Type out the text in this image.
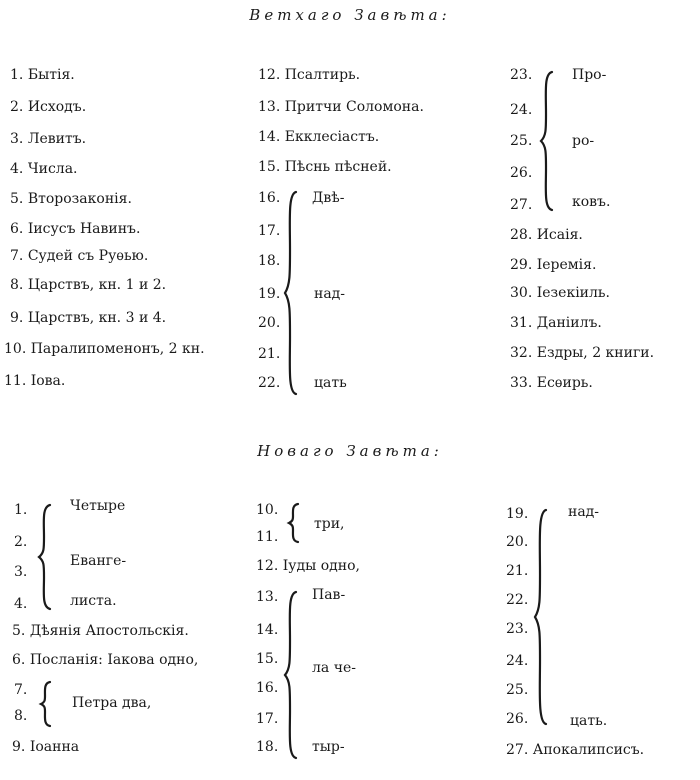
Ветхаго Завѣта:
1. Бытія.
2. Исходъ.
3. Левитъ.
4. Числа.
5. Второзаконія.
6. Іисусъ Навинъ.
7. Судей съ Руѳью.
8. Царствъ, кн. 1 и 2.
9. Царствъ, кн. 3 и 4.
10. Паралипоменонъ, 2 кн.
11. Іова.
12. Псалтирь.
13. Притчи Соломона.
14. Екклесіастъ.
15. Пѣснь пѣсней.
16.
17.
18.
19.
20.
21.
22.
Двѣ-
над-
цать
23.
24.
25.
26.
27.
Про-
ро-
ковъ.
28. Исаія.
29. Іеремія.
30. Іезекіиль.
31. Даніилъ.
32. Ездры, 2 книги.
33. Есѳирь.
Новаго Завѣта:
1.
2.
3.
4.
Четыре
Еванге-
листа.
5. Дѣянія Апостольскія.
6. Посланія: Іакова одно,
7.
8.
Петра два,
9. Іоанна
10.
11.
три,
12. Іуды одно,
13.
14.
15.
16.
17.
18.
Пав-
ла че-
тыр-
19.
20.
21.
22.
23.
24.
25.
26.
над-
цать.
27. Апокалипсисъ.
